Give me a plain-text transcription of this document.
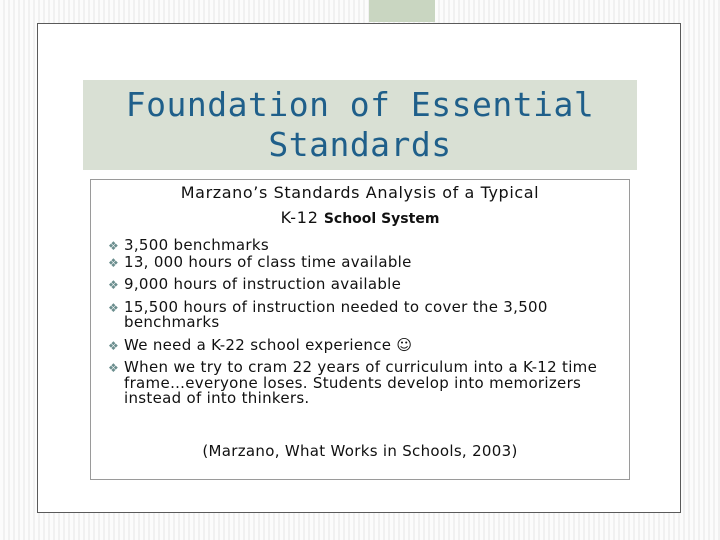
Foundation of Essential
Standards
Marzano’s Standards Analysis of a Typical
K-12 School System
❖ 3,500 benchmarks
❖ 13, 000 hours of class time available
❖ 9,000 hours of instruction available
❖ 15,500 hours of instruction needed to cover the 3,500 benchmarks
❖ We need a K-22 school experience ☺
❖ When we try to cram 22 years of curriculum into a K-12 time frame…everyone loses. Students develop into memorizers instead of into thinkers.
(Marzano, What Works in Schools, 2003)
